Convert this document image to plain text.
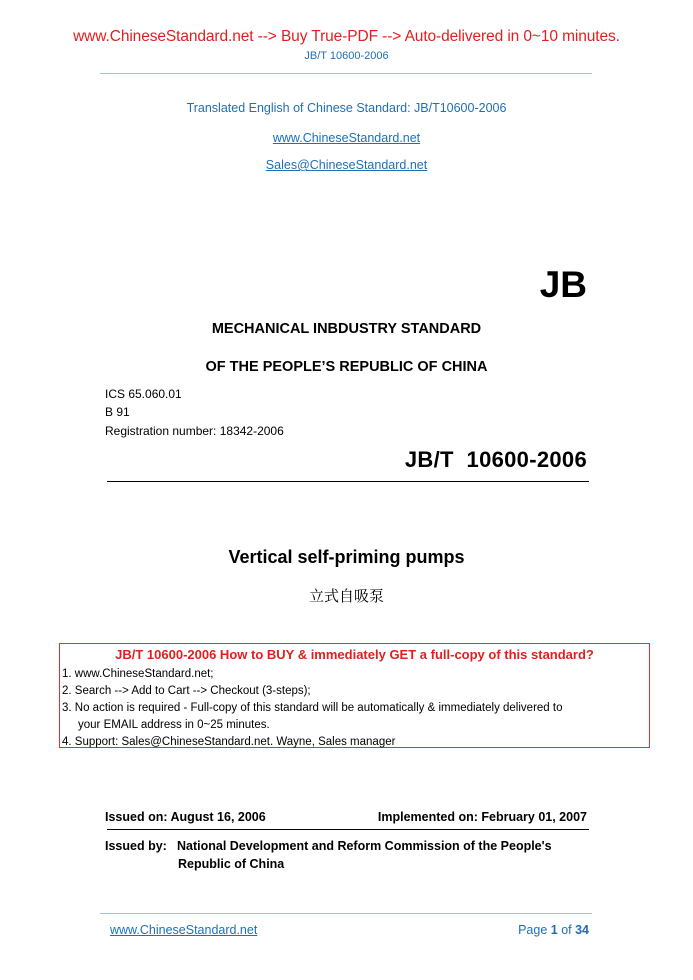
www.ChineseStandard.net --> Buy True-PDF --> Auto-delivered in 0~10 minutes.
JB/T 10600-2006
Translated English of Chinese Standard: JB/T10600-2006
www.ChineseStandard.net
Sales@ChineseStandard.net
JB
MECHANICAL INBDUSTRY STANDARD
OF THE PEOPLE’S REPUBLIC OF CHINA
ICS 65.060.01
B 91
Registration number: 18342-2006
JB/T  10600-2006
Vertical self-priming pumps
立式自吸泵
JB/T 10600-2006 How to BUY & immediately GET a full-copy of this standard?
1. www.ChineseStandard.net;
2. Search --> Add to Cart --> Checkout (3-steps);
3. No action is required - Full-copy of this standard will be automatically & immediately delivered to
your EMAIL address in 0~25 minutes.
4. Support: Sales@ChineseStandard.net. Wayne, Sales manager
Issued on: August 16, 2006	Implemented on: February 01, 2007
Issued by: National Development and Reform Commission of the People's
Republic of China
www.ChineseStandard.net	Page 1 of 34
